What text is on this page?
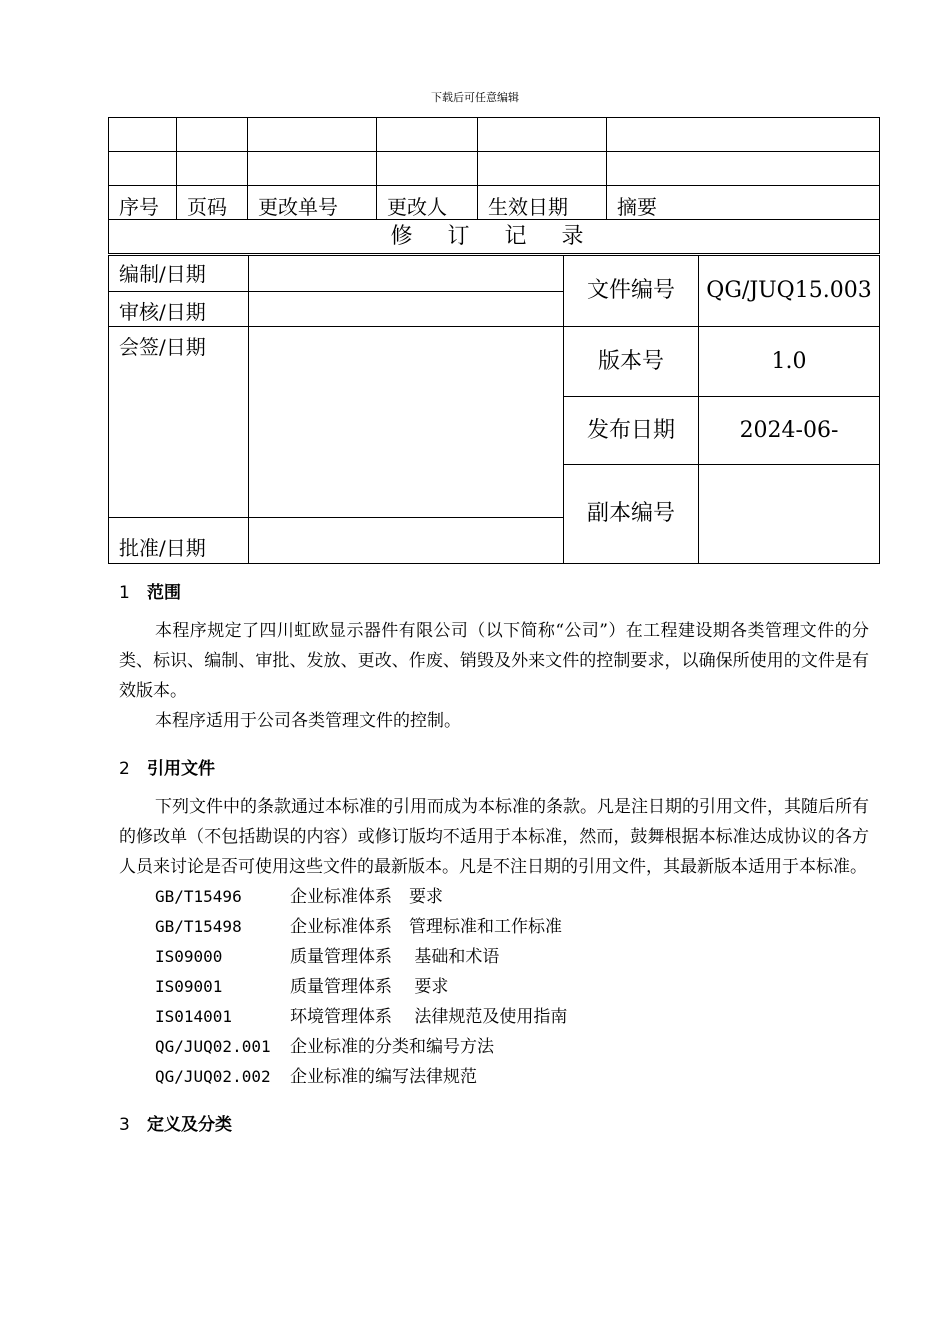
下载后可任意编辑

序号	页码	更改单号	更改人	生效日期	摘要
修 订 记 录					
编制/日期		文件编号	QG/JUQ15.003
审核/日期			
会签/日期		版本号	1.0
		发布日期	2024-06-
		副本编号	
批准/日期			
1 范围

本程序规定了四川虹欧显示器件有限公司（以下简称“公司”）在工程建设期各类管理文件的分类、标识、编制、审批、发放、更改、作废、销毁及外来文件的控制要求，以确保所使用的文件是有效版本。

本程序适用于公司各类管理文件的控制。

2 引用文件

下列文件中的条款通过本标准的引用而成为本标准的条款。凡是注日期的引用文件，其随后所有的修改单（不包括勘误的内容）或修订版均不适用于本标准，然而，鼓舞根据本标准达成协议的各方人员来讨论是否可使用这些文件的最新版本。凡是不注日期的引用文件，其最新版本适用于本标准。

GB/T15496	企业标准体系　要求
GB/T15498	企业标准体系　管理标准和工作标准
IS09000	质量管理体系　 基础和术语
IS09001	质量管理体系　 要求
IS014001	环境管理体系　 法律规范及使用指南
QG/JUQ02.001	企业标准的分类和编号方法
QG/JUQ02.002	企业标准的编写法律规范
3 定义及分类
